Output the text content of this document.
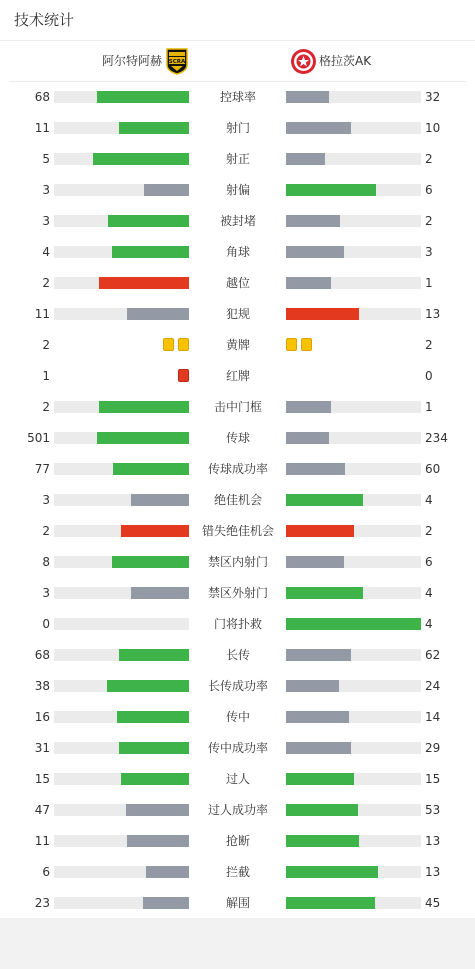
技术统计
阿尔特阿赫 SCRA	格拉茨AK
68	控球率	32
11	射门	10
5	射正	2
3	射偏	6
3	被封堵	2
4	角球	3
2	越位	1
11	犯规	13
2	黄牌	2
1	红牌	0
2	击中门框	1
501	传球	234
77	传球成功率	60
3	绝佳机会	4
2	错失绝佳机会	2
8	禁区内射门	6
3	禁区外射门	4
0	门将扑救	4
68	长传	62
38	长传成功率	24
16	传中	14
31	传中成功率	29
15	过人	15
47	过人成功率	53
11	抢断	13
6	拦截	13
23	解围	45
